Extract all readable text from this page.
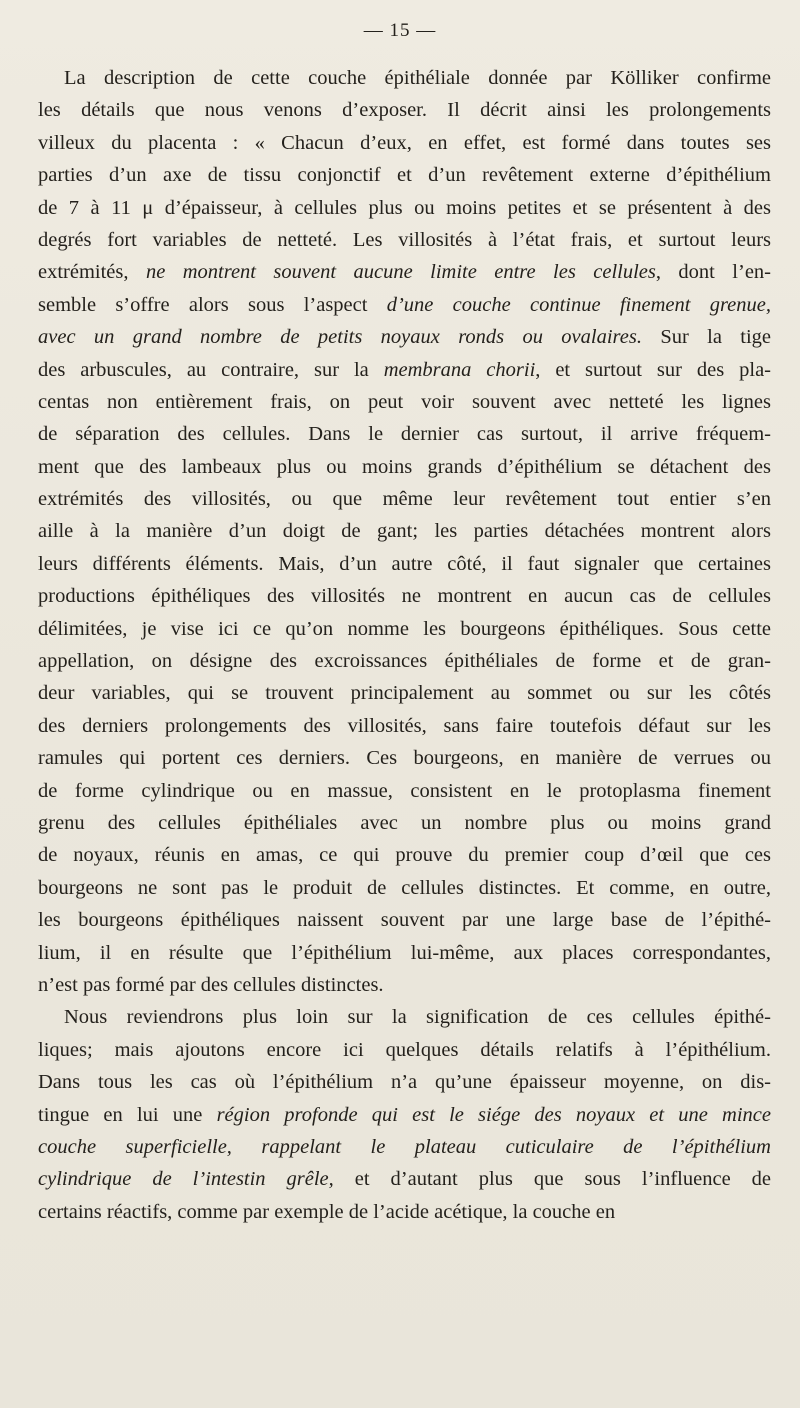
— 15 —
La description de cette couche épithéliale donnée par Kölliker confirme
les détails que nous venons d’exposer. Il décrit ainsi les prolongements
villeux du placenta : « Chacun d’eux, en effet, est formé dans toutes ses
parties d’un axe de tissu conjonctif et d’un revêtement externe d’épithélium
de 7 à 11 μ d’épaisseur, à cellules plus ou moins petites et se présentent à des
degrés fort variables de netteté. Les villosités à l’état frais, et surtout leurs
extrémités, ne montrent souvent aucune limite entre les cellules, dont l’en-
semble s’offre alors sous l’aspect d’une couche continue finement grenue,
avec un grand nombre de petits noyaux ronds ou ovalaires. Sur la tige
des arbuscules, au contraire, sur la membrana chorii, et surtout sur des pla-
centas non entièrement frais, on peut voir souvent avec netteté les lignes
de séparation des cellules. Dans le dernier cas surtout, il arrive fréquem-
ment que des lambeaux plus ou moins grands d’épithélium se détachent des
extrémités des villosités, ou que même leur revêtement tout entier s’en
aille à la manière d’un doigt de gant; les parties détachées montrent alors
leurs différents éléments. Mais, d’un autre côté, il faut signaler que certaines
productions épithéliques des villosités ne montrent en aucun cas de cellules
délimitées, je vise ici ce qu’on nomme les bourgeons épithéliques. Sous cette
appellation, on désigne des excroissances épithéliales de forme et de gran-
deur variables, qui se trouvent principalement au sommet ou sur les côtés
des derniers prolongements des villosités, sans faire toutefois défaut sur les
ramules qui portent ces derniers. Ces bourgeons, en manière de verrues ou
de forme cylindrique ou en massue, consistent en le protoplasma finement
grenu des cellules épithéliales avec un nombre plus ou moins grand
de noyaux, réunis en amas, ce qui prouve du premier coup d’œil que ces
bourgeons ne sont pas le produit de cellules distinctes. Et comme, en outre,
les bourgeons épithéliques naissent souvent par une large base de l’épithé-
lium, il en résulte que l’épithélium lui-même, aux places correspondantes,
n’est pas formé par des cellules distinctes.
Nous reviendrons plus loin sur la signification de ces cellules épithé-
liques; mais ajoutons encore ici quelques détails relatifs à l’épithélium.
Dans tous les cas où l’épithélium n’a qu’une épaisseur moyenne, on dis-
tingue en lui une région profonde qui est le siége des noyaux et une mince
couche superficielle, rappelant le plateau cuticulaire de l’épithélium
cylindrique de l’intestin grêle, et d’autant plus que sous l’influence de
certains réactifs, comme par exemple de l’acide acétique, la couche en
